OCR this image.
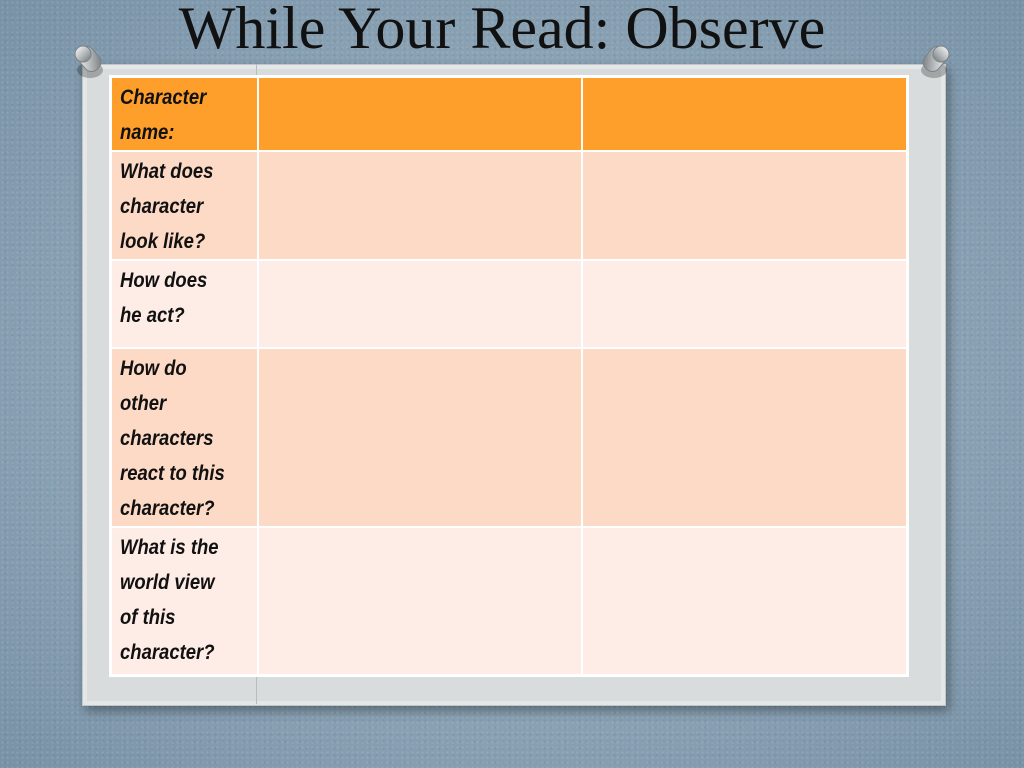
While Your Read: Observe
Character name:		
What does character look like?		
How does he act?		
How do other characters react to this character?		
What is the world view of this character?		
